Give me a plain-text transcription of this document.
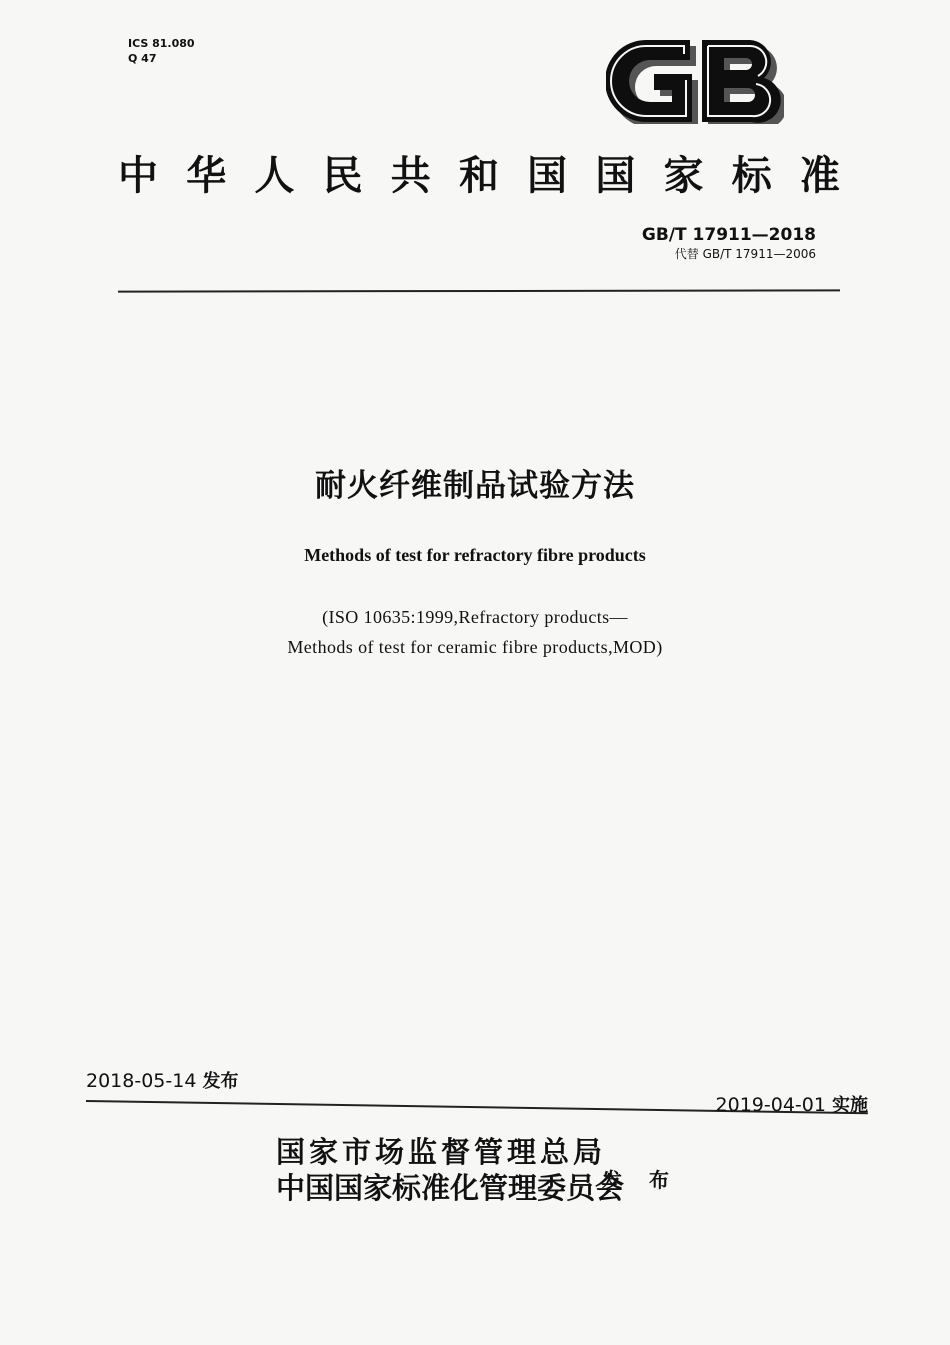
ICS 81.080
Q 47
GB
中 华 人 民 共 和 国 国 家 标 准
GB/T 17911—2018
代替 GB/T 17911—2006
耐火纤维制品试验方法
Methods of test for refractory fibre products
(ISO 10635:1999,Refractory products—
Methods of test for ceramic fibre products,MOD)
2018-05-14 发布
2019-04-01 实施
国家市场监督管理总局
中国国家标准化管理委员会
发 布
